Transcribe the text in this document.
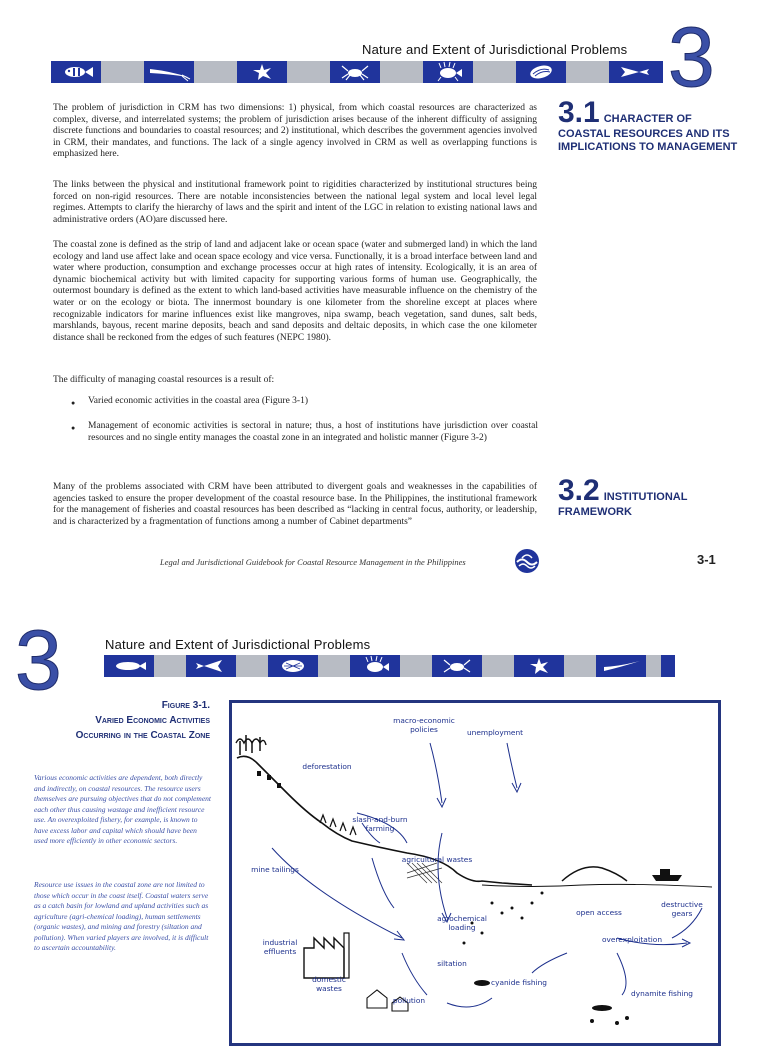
Nature and Extent of Jurisdictional Problems 3
The problem of jurisdiction in CRM has two dimensions: 1) physical, from which coastal resources are characterized as complex, diverse, and interrelated systems; the problem of jurisdiction arises because of the inherent difficulty of assigning discrete functions and boundaries to coastal resources; and 2) institutional, which describes the government agencies involved in CRM, their mandates, and functions. The lack of a single agency involved in CRM as well as overlapping functions is emphasized here.
The links between the physical and institutional framework point to rigidities characterized by institutional structures being forced on non-rigid resources. There are notable inconsistencies between the national legal system and local level legal regimes. Attempts to clarify the hierarchy of laws and the spirit and intent of the LGC in relation to existing national laws and administrative orders (AO)are discussed here.
The coastal zone is defined as the strip of land and adjacent lake or ocean space (water and submerged land) in which the land ecology and land use affect lake and ocean space ecology and vice versa. Functionally, it is a broad interface between land and water where production, consumption and exchange processes occur at high rates of intensity. Ecologically, it is an area of dynamic biochemical activity but with limited capacity for supporting various forms of human use. Geographically, the outermost boundary is defined as the extent to which land-based activities have measurable influence on the chemistry of the water or on the ecology or biota. The innermost boundary is one kilometer from the shoreline except at places where recognizable indicators for marine influences exist like mangroves, nipa swamp, beach vegetation, sand dunes, salt beds, marshlands, bayous, recent marine deposits, beach and sand deposits and deltaic deposits, in which case the one kilometer distance shall be reckoned from the edges of such features (NEPC 1980).
The difficulty of managing coastal resources is a result of:
● Varied economic activities in the coastal area (Figure 3-1)
● Management of economic activities is sectoral in nature; thus, a host of institutions have jurisdiction over coastal resources and no single entity manages the coastal zone in an integrated and holistic manner (Figure 3-2)
Many of the problems associated with CRM have been attributed to divergent goals and weaknesses in the capabilities of agencies tasked to ensure the proper development of the coastal resource base. In the Philippines, the institutional framework for the management of fisheries and coastal resources has been described as “lacking in central focus, authority, or leadership, and is characterized by a fragmentation of functions among a number of Cabinet departments”
3.1 CHARACTER OF
COASTAL RESOURCES AND ITS IMPLICATIONS TO MANAGEMENT
3.2 INSTITUTIONAL
FRAMEWORK
Legal and Jurisdictional Guidebook for Coastal Resource Management in the Philippines	3-1
3	Nature and Extent of Jurisdictional Problems
Figure 3-1.
Varied Economic Activities
Occurring in the Coastal Zone
Various economic activities are dependent, both directly and indirectly, on coastal resources. The resource users themselves are pursuing objectives that do not complement each other thus causing wastage and inefficient resource use. An overexploited fishery, for example, is known to have excess labor and capital which should have been used more efficiently in other economic sectors.
Resource use issues in the coastal zone are not limited to those which occur in the coast itself. Coastal waters serve as a catch basin for lowland and upland activities such as agriculture (agri-chemical loading), human settlements (organic wastes), and mining and forestry (siltation and pollution). When varied players are involved, it is difficult to ascertain accountability.
macro-economic
policies	unemployment
deforestation
slash-and-burn
farming
agricultural wastes
mine tailings
agrochemical
loading
industrial
effluents
siltation
domestic
wastes
pollution
open access
destructive
gears
overexploitation
cyanide fishing
dynamite fishing
